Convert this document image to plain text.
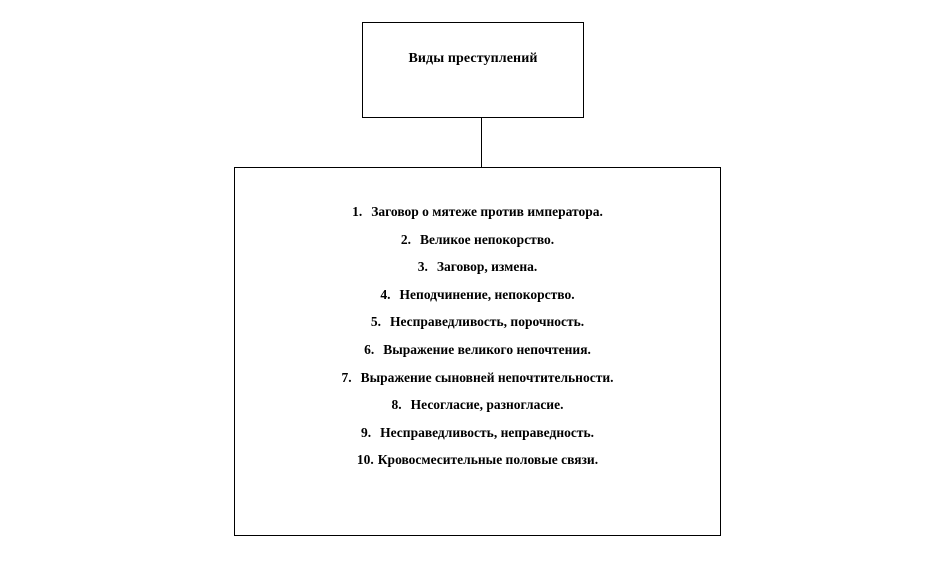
Виды преступлений
1. Заговор о мятеже против императора.
2. Великое непокорство.
3. Заговор, измена.
4. Неподчинение, непокорство.
5. Несправедливость, порочность.
6. Выражение великого непочтения.
7. Выражение сыновней непочтительности.
8. Несогласие, разногласие.
9. Несправедливость, неправедность.
10. Кровосмесительные половые связи.
